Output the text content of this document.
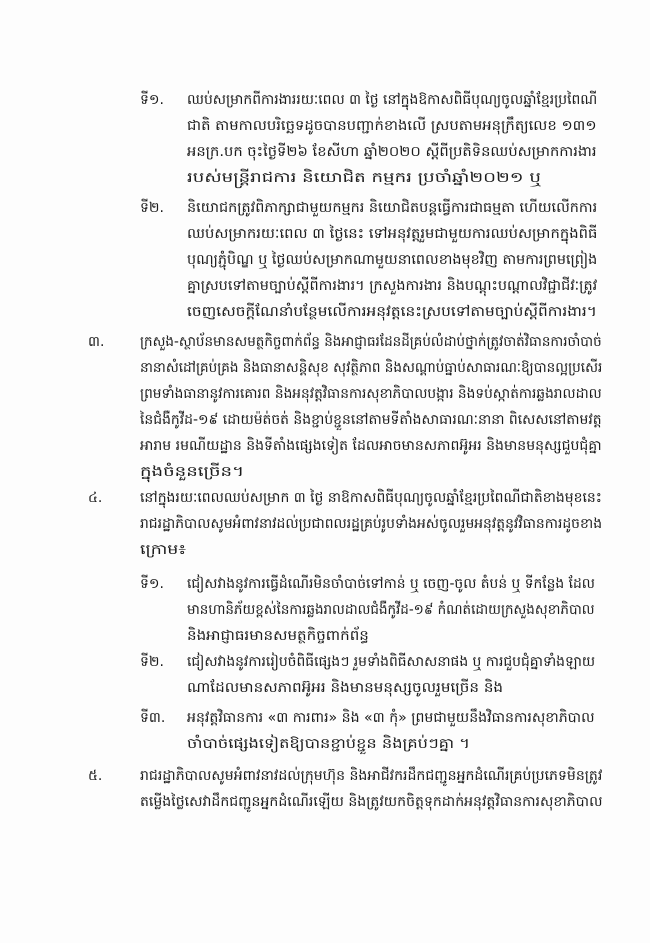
ទី១. ឈប់សម្រាកពីការងាររយៈពេល ៣ ថ្ងៃ នៅក្នុងឱកាសពិធីបុណ្យចូលឆ្នាំខ្មែរប្រពៃណី
ជាតិ តាមកាលបរិច្ឆេទដូចបានបញ្ជាក់ខាងលើ ស្របតាមអនុក្រឹត្យលេខ ១៣១
អនក្រ.បក ចុះថ្ងៃទី២៦ ខែសីហា ឆ្នាំ២០២០ ស្ដីពីប្រតិទិនឈប់សម្រាកការងារ
របស់មន្ត្រីរាជការ និយោជិត កម្មករ ប្រចាំឆ្នាំ២០២១ ឬ
ទី២. និយោជកត្រូវពិភាក្សាជាមួយកម្មករ និយោជិតបន្តធ្វើការជាធម្មតា ហើយលើកការ
ឈប់សម្រាករយៈពេល ៣ ថ្ងៃនេះ ទៅអនុវត្តរួមជាមួយការឈប់សម្រាកក្នុងពិធី
បុណ្យភ្ជុំបិណ្ឌ ឬ ថ្ងៃឈប់សម្រាកណាមួយនាពេលខាងមុខវិញ តាមការព្រមព្រៀង
គ្នាស្របទៅតាមច្បាប់ស្ដីពីការងារ។ ក្រសួងការងារ និងបណ្ដុះបណ្ដាលវិជ្ជាជីវៈត្រូវ
ចេញសេចក្ដីណែនាំបន្ថែមលើការអនុវត្តនេះស្របទៅតាមច្បាប់ស្ដីពីការងារ។
៣.	ក្រសួង-ស្ថាប័នមានសមត្ថកិច្ចពាក់ព័ន្ធ និងអាជ្ញាធរដែនដីគ្រប់លំដាប់ថ្នាក់ត្រូវចាត់វិធានការចាំបាច់
នានាសំដៅគ្រប់គ្រង និងធានាសន្តិសុខ សុវត្ថិភាព និងសណ្ដាប់ធ្នាប់សាធារណៈឱ្យបានល្អប្រសើរ
ព្រមទាំងធានានូវការគោរព និងអនុវត្តវិធានការសុខាភិបាលបង្ការ និងទប់ស្កាត់ការឆ្លងរាលដាល
នៃជំងឺកូវីដ-១៩ ដោយម៉ត់ចត់ និងខ្ជាប់ខ្ជួននៅតាមទីតាំងសាធារណៈនានា ពិសេសនៅតាមវត្ត
អារាម រមណីយដ្ឋាន និងទីតាំងផ្សេងទៀត ដែលអាចមានសភាពអ៊ូអរ និងមានមនុស្សជួបជុំគ្នា
ក្នុងចំនួនច្រើន។
៤.	នៅក្នុងរយៈពេលឈប់សម្រាក ៣ ថ្ងៃ នាឱកាសពិធីបុណ្យចូលឆ្នាំខ្មែរប្រពៃណីជាតិខាងមុខនេះ
រាជរដ្ឋាភិបាលសូមអំពាវនាវដល់ប្រជាពលរដ្ឋគ្រប់រូបទាំងអស់ចូលរួមអនុវត្តនូវវិធានការដូចខាង
ក្រោម៖
ទី១. ជៀសវាងនូវការធ្វើដំណើរមិនចាំបាច់ទៅកាន់ ឬ ចេញ-ចូល តំបន់ ឬ ទីកន្លែង ដែល
មានហានិភ័យខ្ពស់នៃការឆ្លងរាលដាលជំងឺកូវីដ-១៩ កំណត់ដោយក្រសួងសុខាភិបាល
និងអាជ្ញាធរមានសមត្ថកិច្ចពាក់ព័ន្ធ
ទី២. ជៀសវាងនូវការរៀបចំពិធីផ្សេងៗ រួមទាំងពិធីសាសនាផង ឬ ការជួបជុំគ្នាទាំងឡាយ
ណាដែលមានសភាពអ៊ូអរ និងមានមនុស្សចូលរួមច្រើន និង
ទី៣. អនុវត្តវិធានការ «៣ ការពារ» និង «៣ កុំ» ព្រមជាមួយនឹងវិធានការសុខាភិបាល
ចាំបាច់ផ្សេងទៀតឱ្យបានខ្ជាប់ខ្ជួន និងគ្រប់ៗគ្នា ។
៥.	រាជរដ្ឋាភិបាលសូមអំពាវនាវដល់ក្រុមហ៊ុន និងអាជីវករដឹកជញ្ជូនអ្នកដំណើរគ្រប់ប្រភេទមិនត្រូវ
តម្លើងថ្លៃសេវាដឹកជញ្ជូនអ្នកដំណើរឡើយ និងត្រូវយកចិត្តទុកដាក់អនុវត្តវិធានការសុខាភិបាល
